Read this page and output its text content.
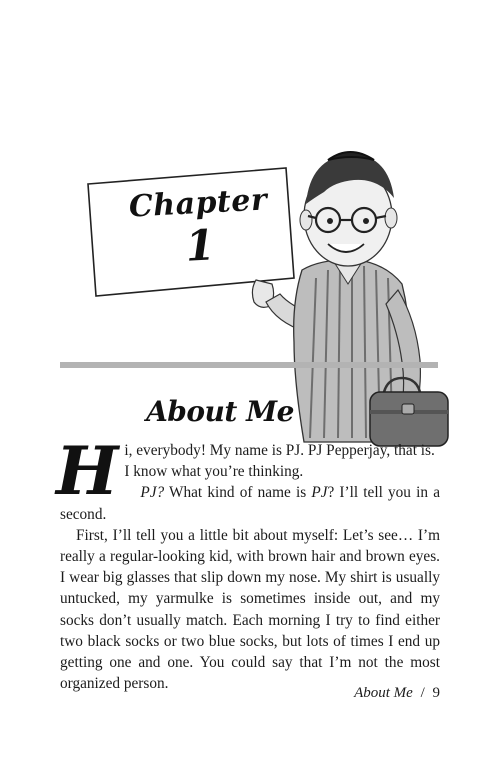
Chapter
1
About Me
H i, everybody! My name is PJ. PJ Pepperjay, that is.

I know what you’re thinking.

PJ? What kind of name is PJ? I’ll tell you in a second.

First, I’ll tell you a little bit about myself: Let’s see… I’m really a regular-looking kid, with brown hair and brown eyes. I wear big glasses that slip down my nose. My shirt is usually untucked, my yarmulke is sometimes inside out, and my socks don’t usually match. Each morning I try to find either two black socks or two blue socks, but lots of times I end up getting one and one. You could say that I’m not the most organized person.

About Me / 9
